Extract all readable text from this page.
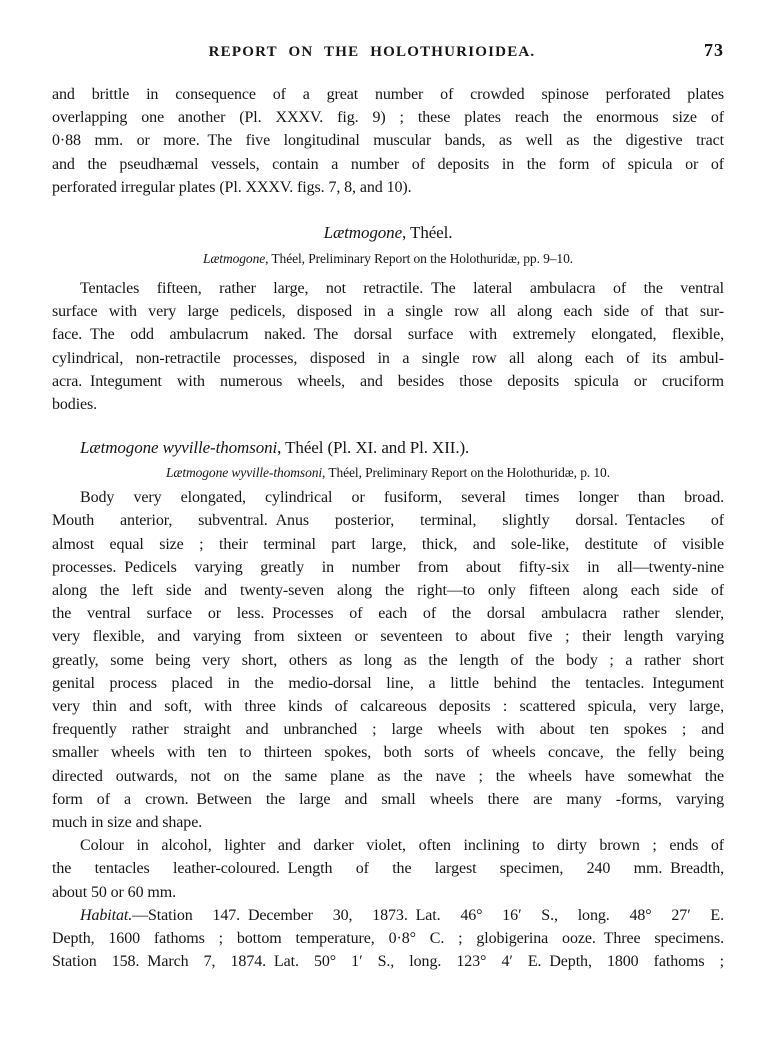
REPORT ON THE HOLOTHURIOIDEA.	73
and brittle in consequence of a great number of crowded spinose perforated plates
overlapping one another (Pl. XXXV. fig. 9) ; these plates reach the enormous size of
0·88 mm. or more. The five longitudinal muscular bands, as well as the digestive tract
and the pseudhæmal vessels, contain a number of deposits in the form of spicula or of
perforated irregular plates (Pl. XXXV. figs. 7, 8, and 10).
Lætmogone, Théel.
Lætmogone, Théel, Preliminary Report on the Holothuridæ, pp. 9–10.
Tentacles fifteen, rather large, not retractile. The lateral ambulacra of the ventral
surface with very large pedicels, disposed in a single row all along each side of that sur-
face. The odd ambulacrum naked. The dorsal surface with extremely elongated, flexible,
cylindrical, non-retractile processes, disposed in a single row all along each of its ambul-
acra. Integument with numerous wheels, and besides those deposits spicula or cruciform
bodies.
Lætmogone wyville-thomsoni, Théel (Pl. XI. and Pl. XII.).
Lætmogone wyville-thomsoni, Théel, Preliminary Report on the Holothuridæ, p. 10.
Body very elongated, cylindrical or fusiform, several times longer than broad.
Mouth anterior, subventral. Anus posterior, terminal, slightly dorsal. Tentacles of
almost equal size ; their terminal part large, thick, and sole-like, destitute of visible
processes. Pedicels varying greatly in number from about fifty-six in all—twenty-nine
along the left side and twenty-seven along the right—to only fifteen along each side of
the ventral surface or less. Processes of each of the dorsal ambulacra rather slender,
very flexible, and varying from sixteen or seventeen to about five ; their length varying
greatly, some being very short, others as long as the length of the body ; a rather short
genital process placed in the medio-dorsal line, a little behind the tentacles. Integument
very thin and soft, with three kinds of calcareous deposits : scattered spicula, very large,
frequently rather straight and unbranched ; large wheels with about ten spokes ; and
smaller wheels with ten to thirteen spokes, both sorts of wheels concave, the felly being
directed outwards, not on the same plane as the nave ; the wheels have somewhat the
form of a crown. Between the large and small wheels there are many -forms, varying
much in size and shape.
Colour in alcohol, lighter and darker violet, often inclining to dirty brown ; ends of
the tentacles leather-coloured. Length of the largest specimen, 240 mm. Breadth,
about 50 or 60 mm.
Habitat.—Station 147. December 30, 1873. Lat. 46° 16′ S., long. 48° 27′ E.
Depth, 1600 fathoms ; bottom temperature, 0·8° C. ; globigerina ooze. Three specimens.
Station 158. March 7, 1874. Lat. 50° 1′ S., long. 123° 4′ E. Depth, 1800 fathoms ;
